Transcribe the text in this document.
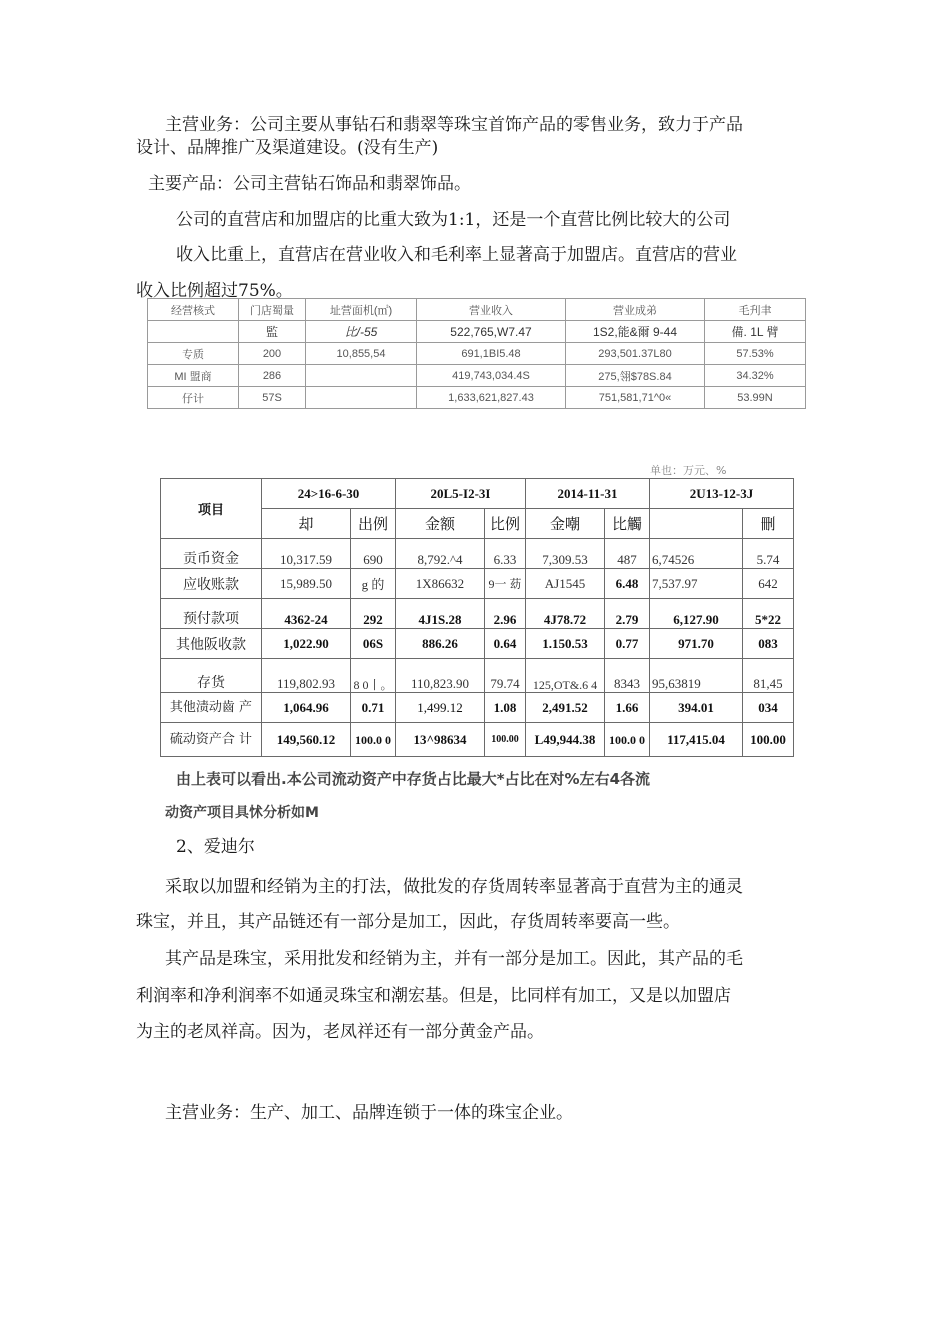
主营业务：公司主要从事钻石和翡翠等珠宝首饰产品的零售业务，致力于产品
设计、品牌推广及渠道建设。(没有生产)
主要产品：公司主营钻石饰品和翡翠饰品。
公司的直营店和加盟店的比重大致为1:1，还是一个直营比例比较大的公司
收入比重上，直营店在营业收入和毛利率上显著高于加盟店。直营店的营业
收入比例超过75%。
经营核式	门店蜀量	址营面机(㎡)	营业收入	营业成弟	毛刋聿
	監	比/-55	522,765,W7.47	1S2,能&爾 9-44	備. 1L 臂
专质	200	10,855,54	691,1BI5.48	293,501.37L80	57.53%
MI 盟商	286		419,743,034.4S	275,翎$78S.84	34.32%
仔计	57S		1,633,621,827.43	751,581,71^0«	53.99N
单也：万元、%
项目	24>16-6-30		20L5-I2-3I		2014-11-31		2U13-12-3J	
	却	出例	金额	比例	金嘲	比觸		刪
贡币资金	10,317.59	690	8,792.^4	6.33	7,309.53	487	6,74526	5.74
应收账款	15,989.50	g 的	1X86632	9一 苭	AJ1545	6.48	7,537.97	642
预付款项	4362-24	292	4J1S.28	2.96	4J78.72	2.79	6,127.90	5*22
其他阪收款	1,022.90	06S	886.26	0.64	1.150.53	0.77	971.70	083
存货	119,802.93	8 0丨。	110,823.90	79.74	125,OT&.6 4	8343	95,63819	81,45
其他渍动齒 产	1,064.96	0.71	1,499.12	1.08	2,491.52	1.66	394.01	034
硫动资产合 计	149,560.12	100.0 0	13^98634	100.00	L49,944.38	100.0 0	117,415.04	100.00
由上表可以看出.本公司流动资产中存货占比最大*占比在对%左右4各流
动资产项目具怵分析如M
2、爱迪尔
采取以加盟和经销为主的打法，做批发的存货周转率显著高于直营为主的通灵
珠宝，并且，其产品链还有一部分是加工，因此，存货周转率要高一些。
其产品是珠宝，采用批发和经销为主，并有一部分是加工。因此，其产品的毛
利润率和净利润率不如通灵珠宝和潮宏基。但是，比同样有加工，又是以加盟店
为主的老凤祥高。因为，老凤祥还有一部分黄金产品。
主营业务：生产、加工、品牌连锁于一体的珠宝企业。
